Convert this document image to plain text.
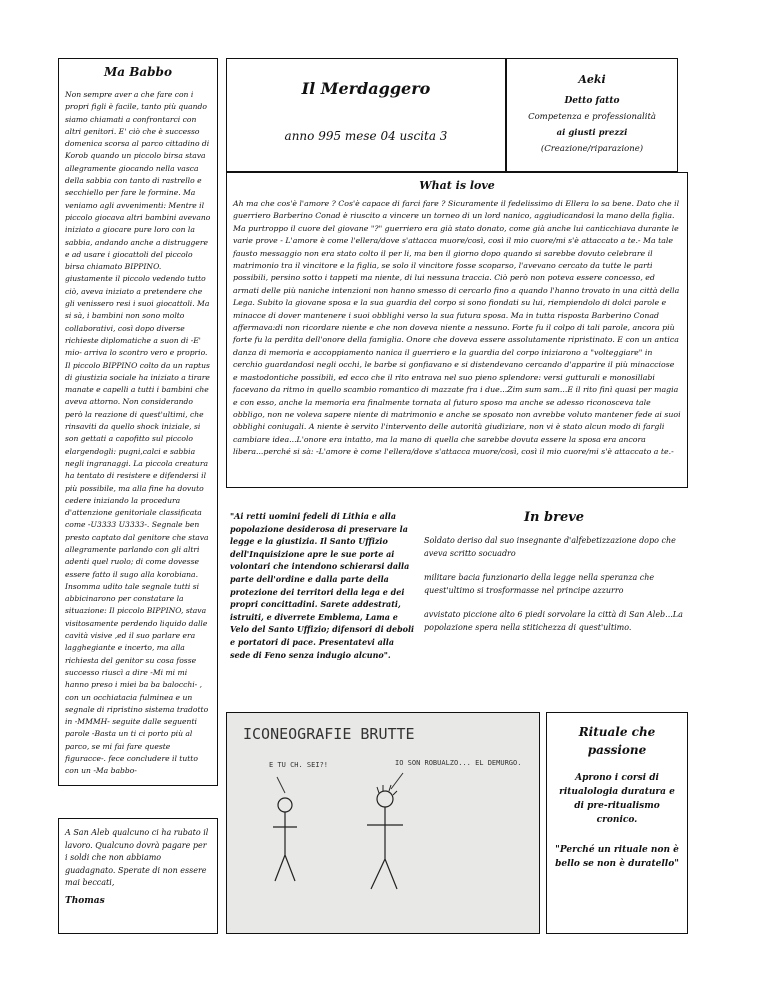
Ma Babbo

Non sempre aver a che fare con i propri figli è facile, tanto più quando siamo chiamati a confrontarci con altri genitori. E' ciò che è successo domenica scorsa al parco cittadino di Korob quando un piccolo birsa stava allegramente giocando nella vasca della sabbia con tanto di rastrello e secchiello per fare le formine. Ma veniamo agli avvenimenti: Mentre il piccolo giocava altri bambini avevano iniziato a giocare pure loro con la sabbia, andando anche a distruggere e ad usare i giocattoli del piccolo birsa chiamato BIPPINO. giustamente il piccolo vedendo tutto ciò, aveva iniziato a pretendere che gli venissero resi i suoi giocattoli. Ma si sà, i bambini non sono molto collaborativi, così dopo diverse richieste diplomatiche a suon di -E' mio- arriva lo scontro vero e proprio. Il piccolo BIPPINO colto da un raptus di giustizia sociale ha iniziato a tirare manate e capelli a tutti i bambini che aveva attorno. Non considerando però la reazione di quest'ultimi, che rinsaviti da quello shock iniziale, si son gettati a capofitto sul piccolo elargendogli: pugni,calci e sabbia negli ingranaggi. La piccola creatura ha tentato di resistere e difendersi il più possibile, ma alla fine ha dovuto cedere iniziando la procedura d'attenzione genitoriale classificata come -U3333 U3333-. Segnale ben presto captato dal genitore che stava allegramente parlando con gli altri adenti quel ruolo; di come dovesse essere fatto il sugo alla korobiana. Insomma udito tale segnale tutti si abbicinarono per constatare la situazione: Il piccolo BIPPINO, stava visitosamente perdendo liquido dalle cavità visive ,ed il suo parlare era lagghegiante e incerto, ma alla richiesta del genitor su cosa fosse successo riuscì a dire -Mi mi mi hanno preso i miei ba ba balocchi- , con un occhiatacia fulminea e un segnale di ripristino sistema tradotto in -MMMH- seguite dalle seguenti parole -Basta un ti ci porto più al parco, se mi fai fare queste figuracce-. fece concludere il tutto con un -Ma babbo-

A San Aleb qualcuno ci ha rubato il lavoro. Qualcuno dovrà pagare per i soldi che non abbiamo guadagnato. Sperate di non essere mai beccati,

Thomas
Il Merdaggero
anno 995 mese 04 uscita 3
Aeki
Detto fatto
Competenza e professionalità
ai giusti prezzi
(Creazione/riparazione)
What is love

Ah ma che cos'è l'amore ? Cos'è capace di farci fare ? Sicuramente il fedelissimo di Ellera lo sa bene. Dato che il guerriero Barberino Conad è riuscito a vincere un torneo di un lord nanico, aggiudicandosi la mano della figlia. Ma purtroppo il cuore del giovane "?" guerriero era già stato donato, come già anche lui canticchiava durante le varie prove - L'amore è come l'ellera/dove s'attacca muore/così, così il mio cuore/mi s'è attaccato a te.- Ma tale fausto messaggio non era stato colto il per li, ma ben il giorno dopo quando si sarebbe dovuto celebrare il matrimonio tra il vincitore e la figlia, se solo il vincitore fosse scoparso, l'avevano cercato da tutte le parti possibili, persino sotto i tappeti ma niente, di lui nessuna traccia. Ciò però non poteva essere concesso, ed armati delle più naniche intenzioni non hanno smesso di cercarlo fino a quando l'hanno trovato in una città della Lega. Subito la giovane sposa e la sua guardia del corpo si sono fiondati su lui, riempiendolo di dolci parole e minacce di dover mantenere i suoi obblighi verso la sua futura sposa. Ma in tutta risposta Barberino Conad affermava:di non ricordare niente e che non doveva niente a nessuno. Forte fu il colpo di tali parole, ancora più forte fu la perdita dell'onore della famiglia. Onore che doveva essere assolutamente ripristinato. E con un antica danza di memoria e accoppiamento nanica il guerriero e la guardia del corpo iniziarono a "volteggiare" in cerchio guardandosi negli occhi, le barbe si gonfiavano e si distendevano cercando d'apparire il più minacciose e mastodontiche possibili, ed ecco che il rito entrava nel suo pieno splendore: versi gutturali e monosillabi facevano da ritmo in quello scambio romantico di mazzate fra i due...Zim sum sam...E il rito finì quasi per magia e con esso, anche la memoria era finalmente tornata al futuro sposo ma anche se adesso riconosceva tale obbligo, non ne voleva sapere niente di matrimonio e anche se sposato non avrebbe voluto mantener fede ai suoi obblighi coniugali. A niente è servito l'intervento delle autorità giudiziare, non vi è stato alcun modo di fargli cambiare idea...L'onore era intatto, ma la mano di quella che sarebbe dovuta essere la sposa era ancora libera...perché si sà: -L'amore è come l'ellera/dove s'attacca muore/così, così il mio cuore/mi s'è attaccato a te.-

"Ai retti uomini fedeli di Lithia e alla popolazione desiderosa di preservare la legge e la giustizia. Il Santo Uffizio dell'Inquisizione apre le sue porte ai volontari che intendono schierarsi dalla parte dell'ordine e dalla parte della protezione dei territori della lega e dei propri concittadini. Sarete addestrati, istruiti, e diverrete Emblema, Lama e Velo del Santo Uffizio; difensori di deboli e portatori di pace. Presentatevi alla sede di Feno senza indugio alcuno".

In breve

Soldato deriso dal suo insegnante d'alfebetizzazione dopo che aveva scritto socuadro

militare bacia funzionario della legge nella speranza che quest'ultimo si trosformasse nel principe azzurro

avvistato piccione alto 6 piedi sorvolare la città di San Aleb...La popolazione spera nella stitichezza di quest'ultimo.

ICONEOGRAFIE BRUTTE
E TU CH. SEI?!	IO SON ROBUALZO... EL DEMURGO.
Rituale che passione
Aprono i corsi di ritualologia duratura e di pre-ritualismo cronico.
"Perché un rituale non è bello se non è duratello"
